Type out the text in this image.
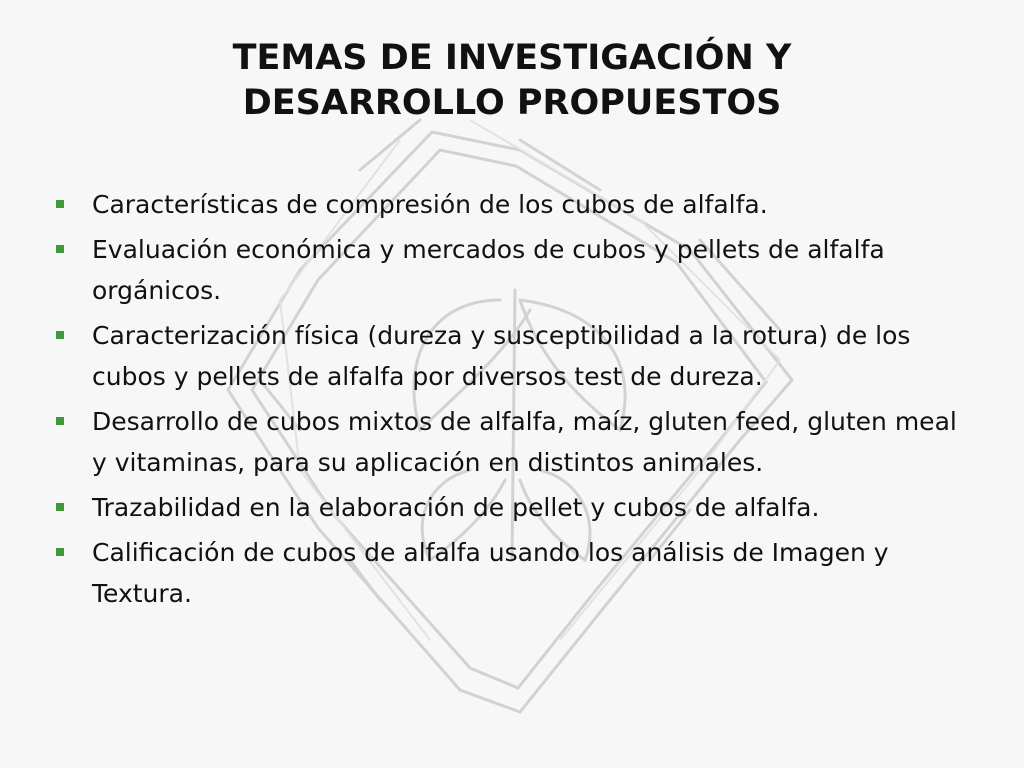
TEMAS DE INVESTIGACIÓN Y
DESARROLLO PROPUESTOS
Características de compresión de los cubos de alfalfa.
Evaluación económica y mercados de cubos y pellets de alfalfa orgánicos.
Caracterización física (dureza y susceptibilidad a la rotura) de los cubos y pellets de alfalfa por diversos test de dureza.
Desarrollo de cubos mixtos de alfalfa, maíz, gluten feed, gluten meal y vitaminas, para su aplicación en distintos animales.
Trazabilidad en la elaboración de pellet y cubos de alfalfa.
Calificación de cubos de alfalfa usando los análisis de Imagen y Textura.
